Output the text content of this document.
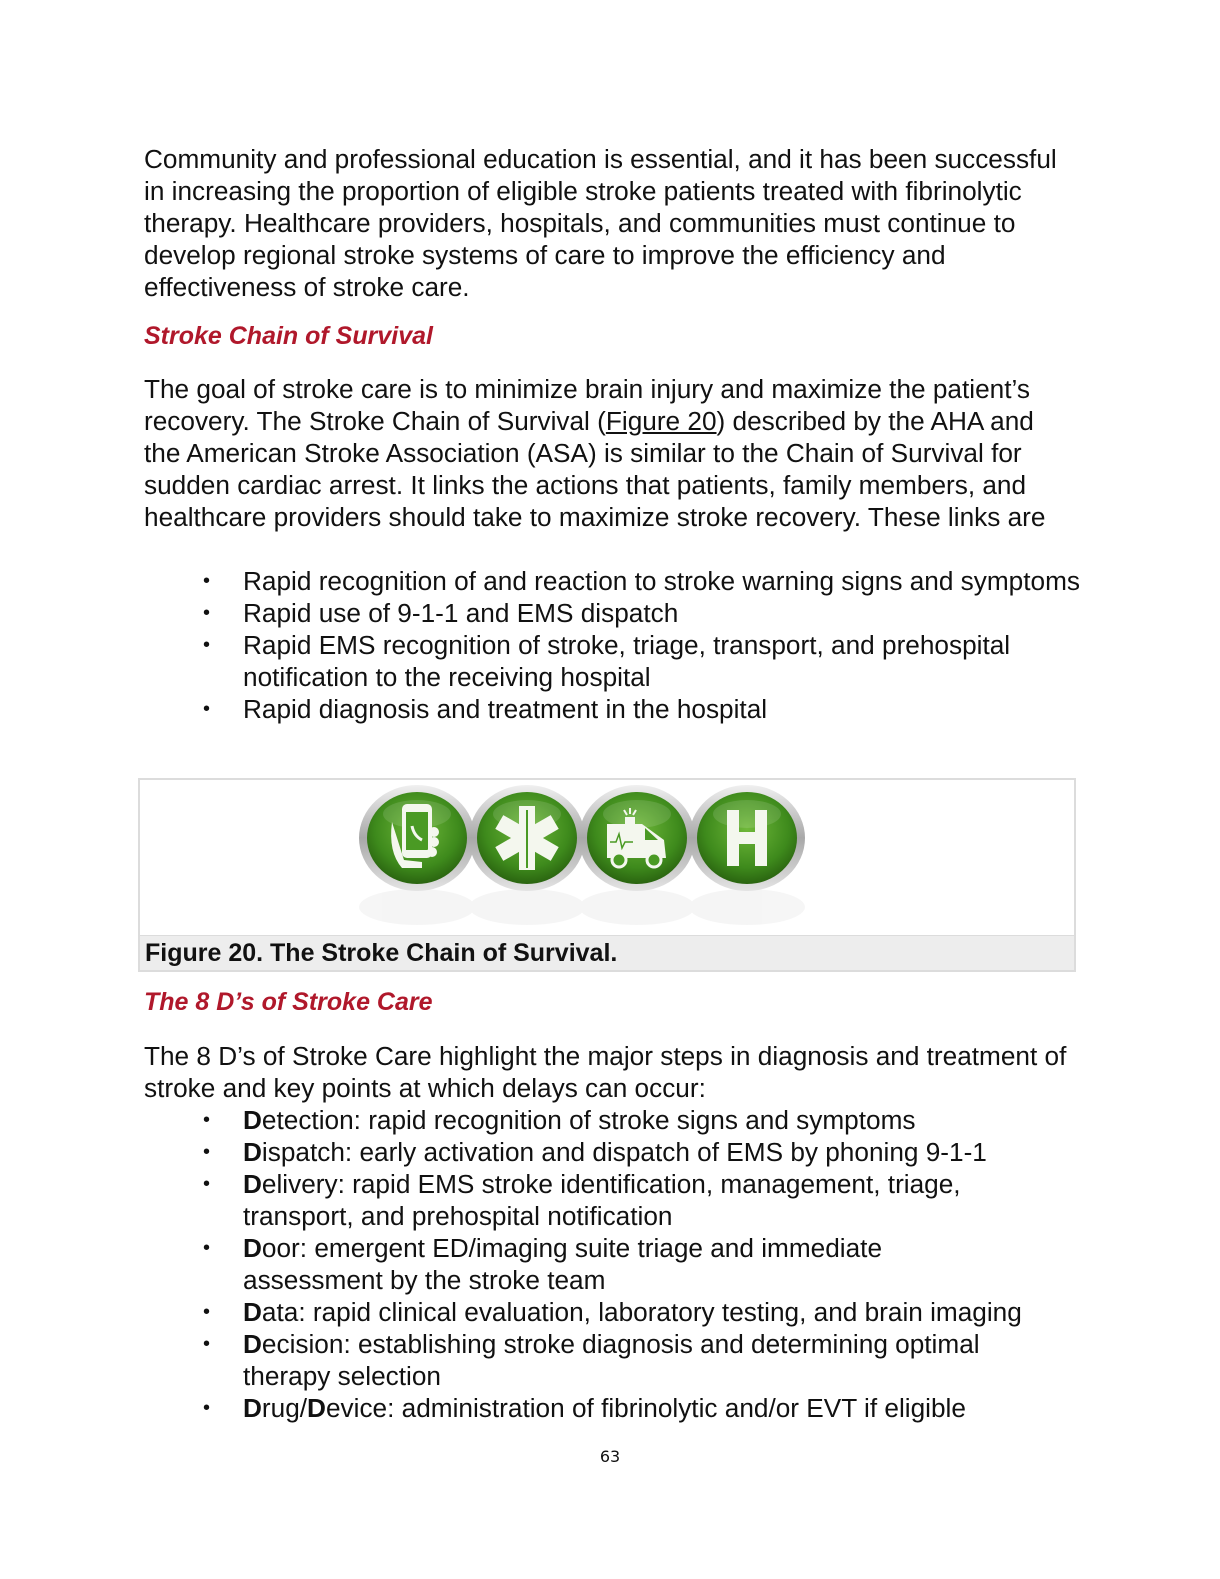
Community and professional education is essential, and it has been successful in increasing the proportion of eligible stroke patients treated with fibrinolytic therapy. Healthcare providers, hospitals, and communities must continue to develop regional stroke systems of care to improve the efficiency and effectiveness of stroke care.

Stroke Chain of Survival

The goal of stroke care is to minimize brain injury and maximize the patient’s recovery. The Stroke Chain of Survival (Figure 20) described by the AHA and the American Stroke Association (ASA) is similar to the Chain of Survival for sudden cardiac arrest. It links the actions that patients, family members, and healthcare providers should take to maximize stroke recovery. These links are

• Rapid recognition of and reaction to stroke warning signs and symptoms
• Rapid use of 9-1-1 and EMS dispatch
• Rapid EMS recognition of stroke, triage, transport, and prehospital notification to the receiving hospital
• Rapid diagnosis and treatment in the hospital
Figure 20. The Stroke Chain of Survival.
The 8 D’s of Stroke Care

The 8 D’s of Stroke Care highlight the major steps in diagnosis and treatment of stroke and key points at which delays can occur:

• Detection: rapid recognition of stroke signs and symptoms
• Dispatch: early activation and dispatch of EMS by phoning 9-1-1
• Delivery: rapid EMS stroke identification, management, triage, transport, and prehospital notification
• Door: emergent ED/imaging suite triage and immediate assessment by the stroke team
• Data: rapid clinical evaluation, laboratory testing, and brain imaging
• Decision: establishing stroke diagnosis and determining optimal therapy selection
• Drug/Device: administration of fibrinolytic and/or EVT if eligible
63
